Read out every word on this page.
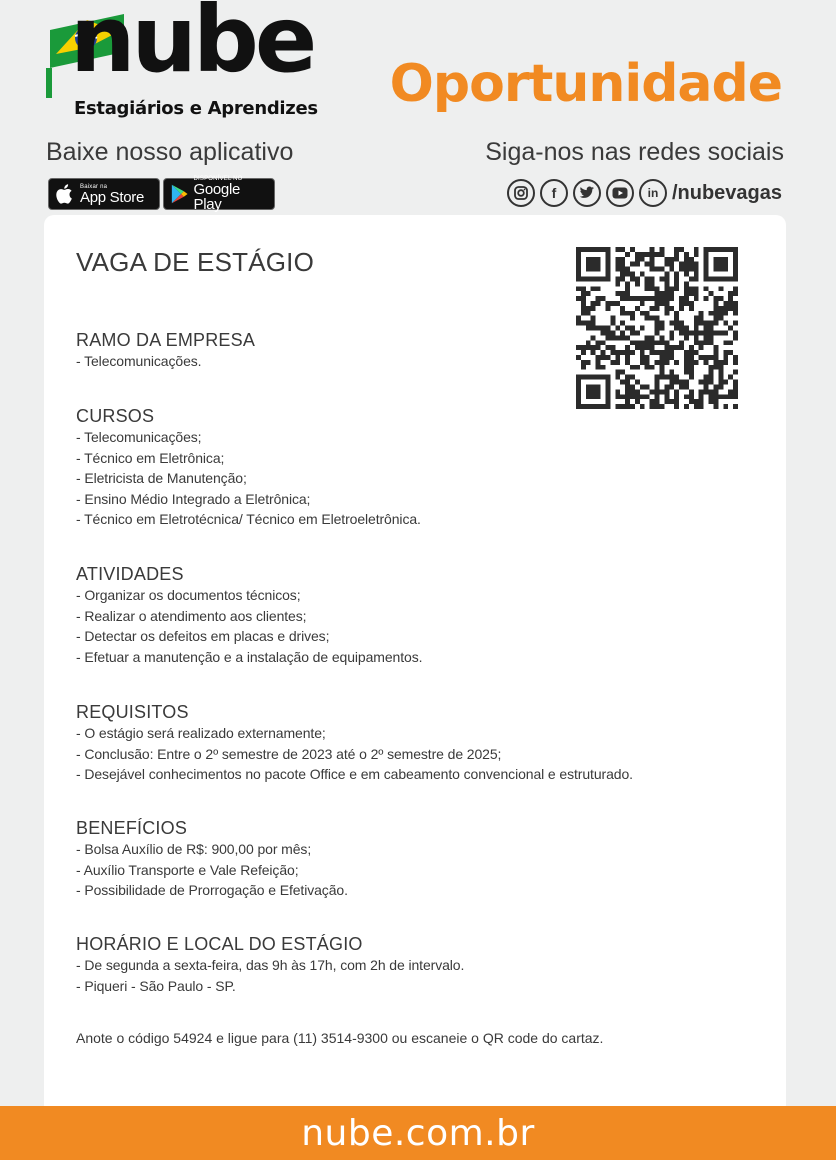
nube
Estagiários e Aprendizes Oportunidade
Baixe nosso aplicativo	Siga-nos nas redes sociais
Baixar na
App Store
DISPONÍVEL NO
Google Play
f	in /nubevagas
VAGA DE ESTÁGIO
RAMO DA EMPRESA
- Telecomunicações.
CURSOS
- Telecomunicações;
- Técnico em Eletrônica;
- Eletricista de Manutenção;
- Ensino Médio Integrado a Eletrônica;
- Técnico em Eletrotécnica/ Técnico em Eletroeletrônica.
ATIVIDADES
- Organizar os documentos técnicos;
- Realizar o atendimento aos clientes;
- Detectar os defeitos em placas e drives;
- Efetuar a manutenção e a instalação de equipamentos.
REQUISITOS
- O estágio será realizado externamente;
- Conclusão: Entre o 2º semestre de 2023 até o 2º semestre de 2025;
- Desejável conhecimentos no pacote Office e em cabeamento convencional e estruturado.
BENEFÍCIOS
- Bolsa Auxílio de R$: 900,00 por mês;
- Auxílio Transporte e Vale Refeição;
- Possibilidade de Prorrogação e Efetivação.
HORÁRIO E LOCAL DO ESTÁGIO
- De segunda a sexta-feira, das 9h às 17h, com 2h de intervalo.
- Piqueri - São Paulo - SP.
Anote o código 54924 e ligue para (11) 3514-9300 ou escaneie o QR code do cartaz.
nube.com.br
